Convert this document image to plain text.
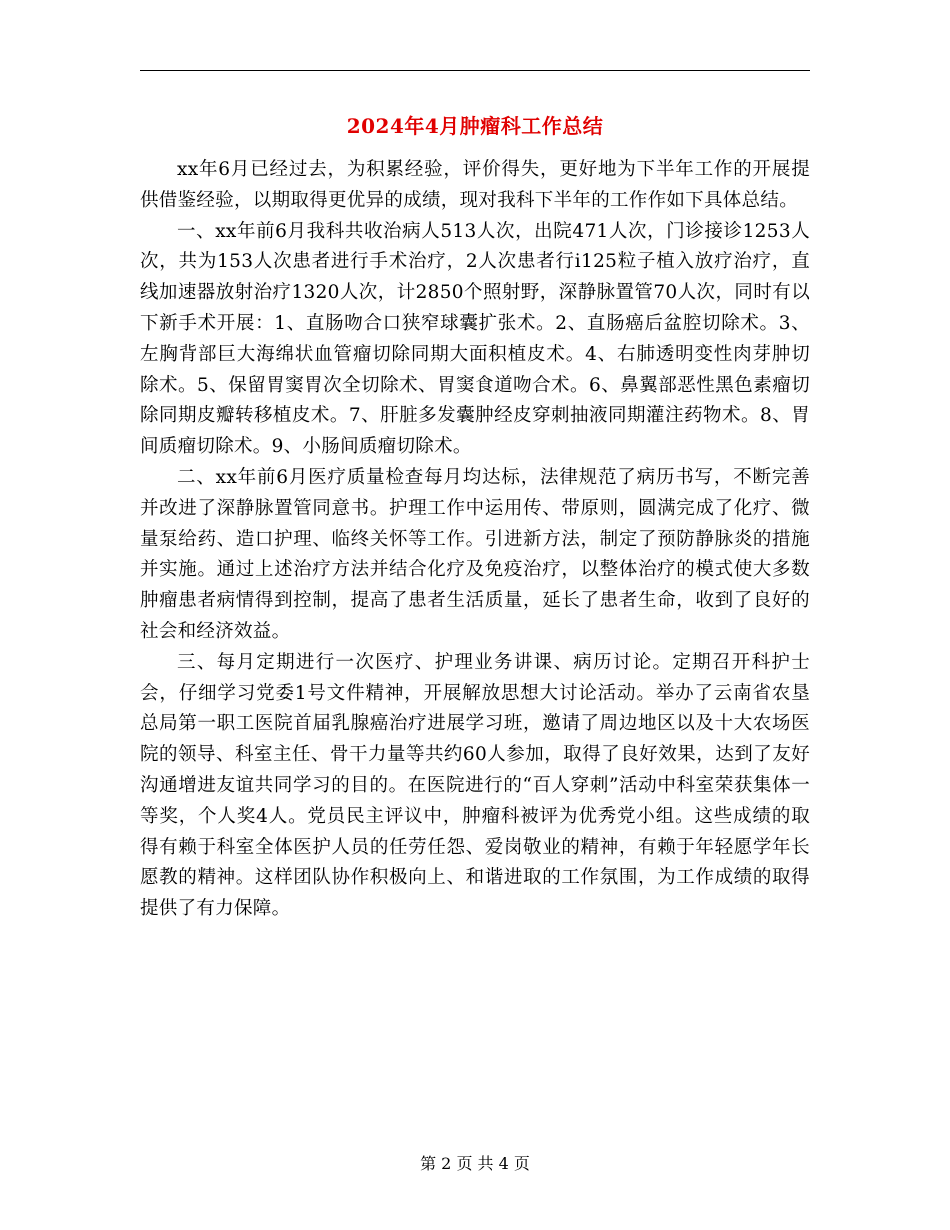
2024年4月肿瘤科工作总结

xx年6月已经过去，为积累经验，评价得失，更好地为下半年工作的开展提供借鉴经验，以期取得更优异的成绩，现对我科下半年的工作作如下具体总结。

一、xx年前6月我科共收治病人513人次，出院471人次，门诊接诊1253人次，共为153人次患者进行手术治疗，2人次患者行i125粒子植入放疗治疗，直线加速器放射治疗1320人次，计2850个照射野，深静脉置管70人次，同时有以下新手术开展：1、直肠吻合口狭窄球囊扩张术。2、直肠癌后盆腔切除术。3、左胸背部巨大海绵状血管瘤切除同期大面积植皮术。4、右肺透明变性肉芽肿切除术。5、保留胃窦胃次全切除术、胃窦食道吻合术。6、鼻翼部恶性黑色素瘤切除同期皮瓣转移植皮术。7、肝脏多发囊肿经皮穿刺抽液同期灌注药物术。8、胃间质瘤切除术。9、小肠间质瘤切除术。

二、xx年前6月医疗质量检查每月均达标，法律规范了病历书写，不断完善并改进了深静脉置管同意书。护理工作中运用传、带原则，圆满完成了化疗、微量泵给药、造口护理、临终关怀等工作。引进新方法，制定了预防静脉炎的措施并实施。通过上述治疗方法并结合化疗及免疫治疗，以整体治疗的模式使大多数肿瘤患者病情得到控制，提高了患者生活质量，延长了患者生命，收到了良好的社会和经济效益。

三、每月定期进行一次医疗、护理业务讲课、病历讨论。定期召开科护士会，仔细学习党委1号文件精神，开展解放思想大讨论活动。举办了云南省农垦总局第一职工医院首届乳腺癌治疗进展学习班，邀请了周边地区以及十大农场医院的领导、科室主任、骨干力量等共约60人参加，取得了良好效果，达到了友好沟通增进友谊共同学习的目的。在医院进行的“百人穿刺”活动中科室荣获集体一等奖，个人奖4人。党员民主评议中，肿瘤科被评为优秀党小组。这些成绩的取得有赖于科室全体医护人员的任劳任怨、爱岗敬业的精神，有赖于年轻愿学年长愿教的精神。这样团队协作积极向上、和谐进取的工作氛围，为工作成绩的取得提供了有力保障。

第 2 页 共 4 页
